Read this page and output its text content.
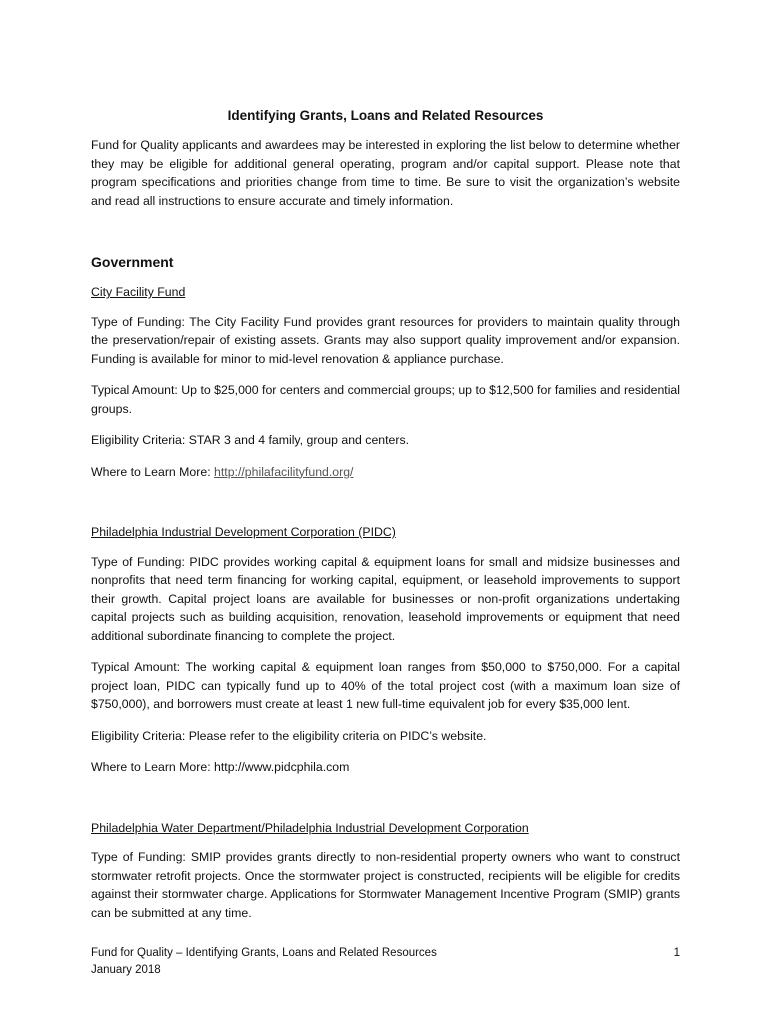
Identifying Grants, Loans and Related Resources

Fund for Quality applicants and awardees may be interested in exploring the list below to determine whether they may be eligible for additional general operating, program and/or capital support. Please note that program specifications and priorities change from time to time. Be sure to visit the organization’s website and read all instructions to ensure accurate and timely information.

Government

City Facility Fund

Type of Funding: The City Facility Fund provides grant resources for providers to maintain quality through the preservation/repair of existing assets. Grants may also support quality improvement and/or expansion. Funding is available for minor to mid-level renovation & appliance purchase.

Typical Amount: Up to $25,000 for centers and commercial groups; up to $12,500 for families and residential groups.

Eligibility Criteria: STAR 3 and 4 family, group and centers.

Where to Learn More: http://philafacilityfund.org/

Philadelphia Industrial Development Corporation (PIDC)

Type of Funding: PIDC provides working capital & equipment loans for small and midsize businesses and nonprofits that need term financing for working capital, equipment, or leasehold improvements to support their growth. Capital project loans are available for businesses or non-profit organizations undertaking capital projects such as building acquisition, renovation, leasehold improvements or equipment that need additional subordinate financing to complete the project.

Typical Amount: The working capital & equipment loan ranges from $50,000 to $750,000. For a capital project loan, PIDC can typically fund up to 40% of the total project cost (with a maximum loan size of $750,000), and borrowers must create at least 1 new full-time equivalent job for every $35,000 lent.

Eligibility Criteria: Please refer to the eligibility criteria on PIDC’s website.

Where to Learn More: http://www.pidcphila.com

Philadelphia Water Department/Philadelphia Industrial Development Corporation

Type of Funding: SMIP provides grants directly to non-residential property owners who want to construct stormwater retrofit projects. Once the stormwater project is constructed, recipients will be eligible for credits against their stormwater charge. Applications for Stormwater Management Incentive Program (SMIP) grants can be submitted at any time.

Fund for Quality – Identifying Grants, Loans and Related Resources
January 2018
1
